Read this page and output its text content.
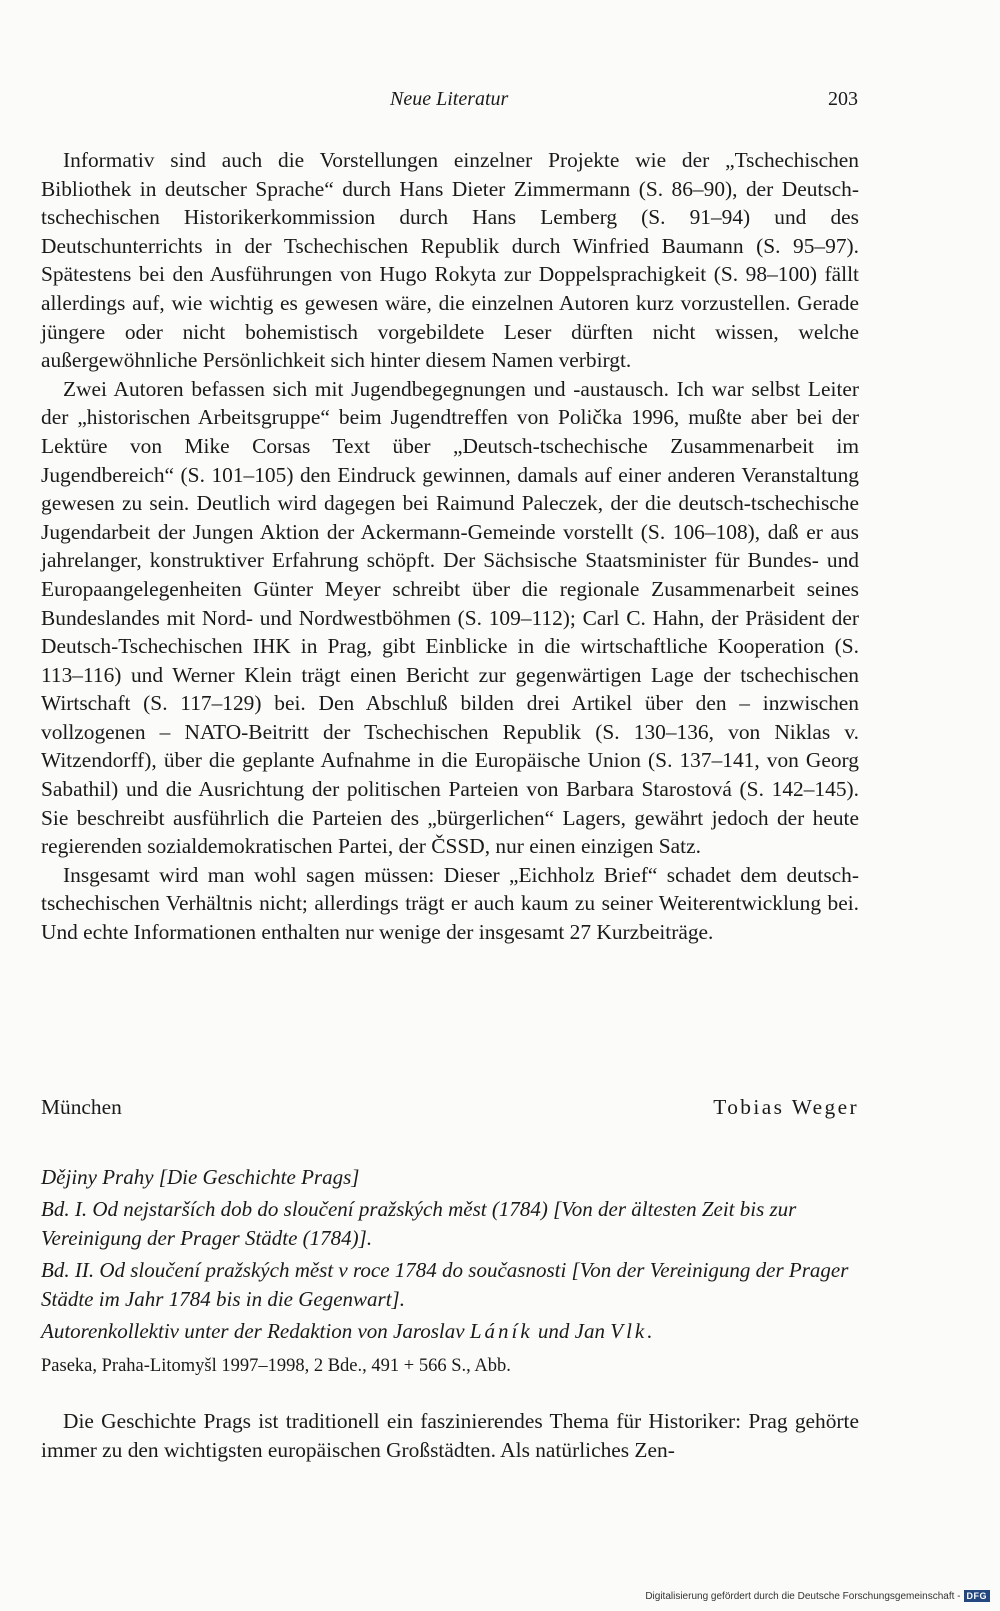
Neue Literatur	203

Informativ sind auch die Vorstellungen einzelner Projekte wie der „Tschechischen Bibliothek in deutscher Sprache“ durch Hans Dieter Zimmermann (S. 86–90), der Deutsch-tschechischen Historikerkommission durch Hans Lemberg (S. 91–94) und des Deutschunterrichts in der Tschechischen Republik durch Winfried Baumann (S. 95–97). Spätestens bei den Ausführungen von Hugo Rokyta zur Doppelsprachigkeit (S. 98–100) fällt allerdings auf, wie wichtig es gewesen wäre, die einzelnen Autoren kurz vorzustellen. Gerade jüngere oder nicht bohemistisch vorgebildete Leser dürften nicht wissen, welche außergewöhnliche Persönlichkeit sich hinter diesem Namen verbirgt.

Zwei Autoren befassen sich mit Jugendbegegnungen und -austausch. Ich war selbst Leiter der „historischen Arbeitsgruppe“ beim Jugendtreffen von Polička 1996, mußte aber bei der Lektüre von Mike Corsas Text über „Deutsch-tschechische Zusammenarbeit im Jugendbereich“ (S. 101–105) den Eindruck gewinnen, damals auf einer anderen Veranstaltung gewesen zu sein. Deutlich wird dagegen bei Raimund Paleczek, der die deutsch-tschechische Jugendarbeit der Jungen Aktion der Ackermann-Gemeinde vorstellt (S. 106–108), daß er aus jahrelanger, konstruktiver Erfahrung schöpft. Der Sächsische Staatsminister für Bundes- und Europaangelegenheiten Günter Meyer schreibt über die regionale Zusammenarbeit seines Bundeslandes mit Nord- und Nordwestböhmen (S. 109–112); Carl C. Hahn, der Präsident der Deutsch-Tschechischen IHK in Prag, gibt Einblicke in die wirtschaftliche Kooperation (S. 113–116) und Werner Klein trägt einen Bericht zur gegenwärtigen Lage der tschechischen Wirtschaft (S. 117–129) bei. Den Abschluß bilden drei Artikel über den – inzwischen vollzogenen – NATO-Beitritt der Tschechischen Republik (S. 130–136, von Niklas v. Witzendorff), über die geplante Aufnahme in die Europäische Union (S. 137–141, von Georg Sabathil) und die Ausrichtung der politischen Parteien von Barbara Starostová (S. 142–145). Sie beschreibt ausführlich die Parteien des „bürgerlichen“ Lagers, gewährt jedoch der heute regierenden sozialdemokratischen Partei, der ČSSD, nur einen einzigen Satz.

Insgesamt wird man wohl sagen müssen: Dieser „Eichholz Brief“ schadet dem deutsch-tschechischen Verhältnis nicht; allerdings trägt er auch kaum zu seiner Weiterentwicklung bei. Und echte Informationen enthalten nur wenige der insgesamt 27 Kurzbeiträge.

München	Tobias Weger
Dějiny Prahy [Die Geschichte Prags]
Bd. I. Od nejstarších dob do sloučení pražských měst (1784) [Von der ältesten Zeit bis zur Vereinigung der Prager Städte (1784)].
Bd. II. Od sloučení pražských měst v roce 1784 do současnosti [Von der Vereinigung der Prager Städte im Jahr 1784 bis in die Gegenwart].
Autorenkollektiv unter der Redaktion von Jaroslav Láník und Jan Vlk.
Paseka, Praha-Litomyšl 1997–1998, 2 Bde., 491 + 566 S., Abb.

Die Geschichte Prags ist traditionell ein faszinierendes Thema für Historiker: Prag gehörte immer zu den wichtigsten europäischen Großstädten. Als natürliches Zen-

Digitalisierung gefördert durch die Deutsche Forschungsgemeinschaft - DFG
